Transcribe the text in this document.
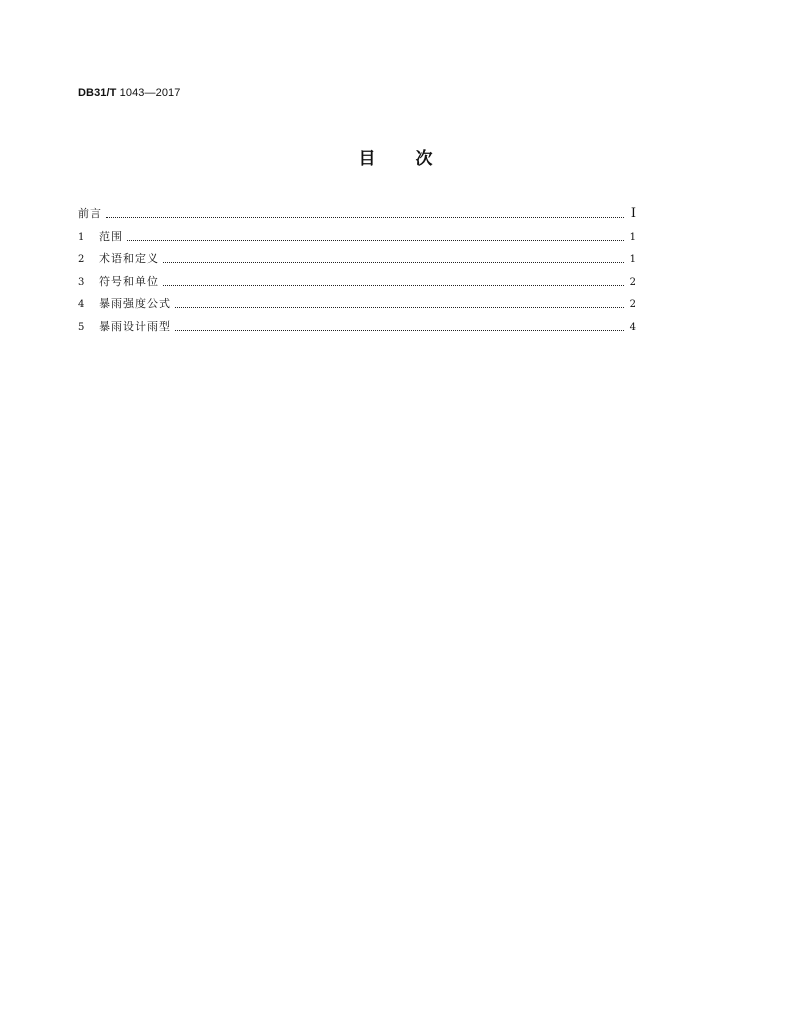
DB31/T 1043—2017
目 次
前言	I
1	范围	1
2	术语和定义	1
3	符号和单位	2
4	暴雨强度公式	2
5	暴雨设计雨型	4
